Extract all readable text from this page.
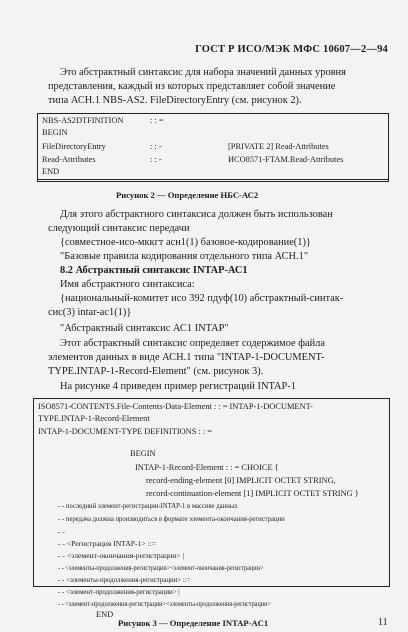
ГОСТ Р ИСО/МЭК МФС 10607—2—94
Это абстрактный синтаксис для набора значений данных уровня
представления, каждый из которых представляет собой значение
типа АСН.1 NBS-AS2. FileDirectoryEntry (см. рисунок 2).
NBS-AS2DTFINITION	: : =
BEGIN
FileDirectoryEntry	: : -	[PRIVATE 2] Read-Attributes
Read-Attributes	: : -	ИСО8571-FTAM.Read-Attributes
END
Рисунок 2 — Определение НБС-АС2
Для этого абстрактного синтаксиса должен быть использован
следующий синтаксис передачи
{совместное-исо-мккгт асн1(1) базовое-кодирование(1)}
"Базовые правила кодирования отдельного типа АСН.1"
8.2 Абстрактный синтаксис INTAP-АС1
Имя абстрактного синтаксиса:
{национальный-комитет исо 392 пдуф(10) абстрактный-синтак-
сис(3) intar-ac1(1)}
"Абстрактный синтаксис АС1 INTAP"
Этот абстрактный синтаксис определяет содержимое файла
элементов данных в виде АСН.1 типа "INTAP-1-DOCUMENT-
TYPE.INTAP-1-Record-Element" (см. рисунок 3).
На рисунке 4 приведен пример регистраций INTAP-1
ISO8571-CONTENTS.File-Contents-Data-Element : : = INTAP-1-DOCUMENT-
TYPE.INTAP-1-Record-Element
INTAP-1-DOCUMENT-TYPE DEFINITIONS : : =
BEGIN
INTAP-1-Record-Element : : = CHOICE {
record-ending-element [0] IMPLICIT OCTET STRING,
record-continuation-element [1] IMPLICIT OCTET STRING }
- - последний элемент-регистрации-INTAP-1 в массиве данных
- - передача должна производиться в формате элемента-окончания-регистрации
- -
- - <Регистрация INTAP-1> ::=
- - <элемент-окончания-регистрации> |
- - <элементы-продолжения-регистрации><элемент-окончания-регистрации>
- - <элементы-продолжения-регистрации> ::=
- - <элемент-продолжения-регистрации> |
- - <элемент-продолжения-регистрации><элементы-продолжения-регистрации>
END
Рисунок 3 — Определение INTAP-AC1	11
